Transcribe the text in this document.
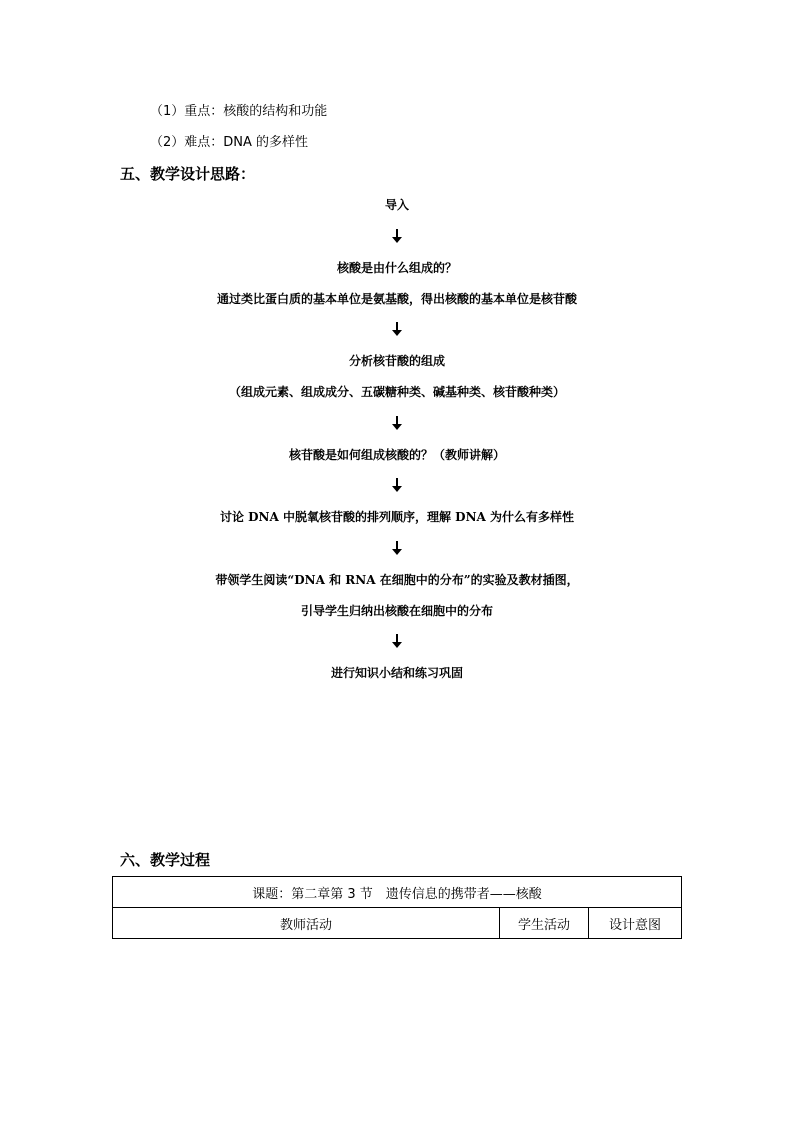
（1）重点：核酸的结构和功能
（2）难点：DNA 的多样性
五、教学设计思路：
导入
核酸是由什么组成的？
通过类比蛋白质的基本单位是氨基酸，得出核酸的基本单位是核苷酸
分析核苷酸的组成
（组成元素、组成成分、五碳糖种类、碱基种类、核苷酸种类）
核苷酸是如何组成核酸的？（教师讲解）
讨论 DNA 中脱氧核苷酸的排列顺序，理解 DNA 为什么有多样性
带领学生阅读“DNA 和 RNA 在细胞中的分布”的实验及教材插图，
引导学生归纳出核酸在细胞中的分布
进行知识小结和练习巩固
六、教学过程
课题：第二章第 3 节　遗传信息的携带者——核酸
教师活动	学生活动	设计意图
